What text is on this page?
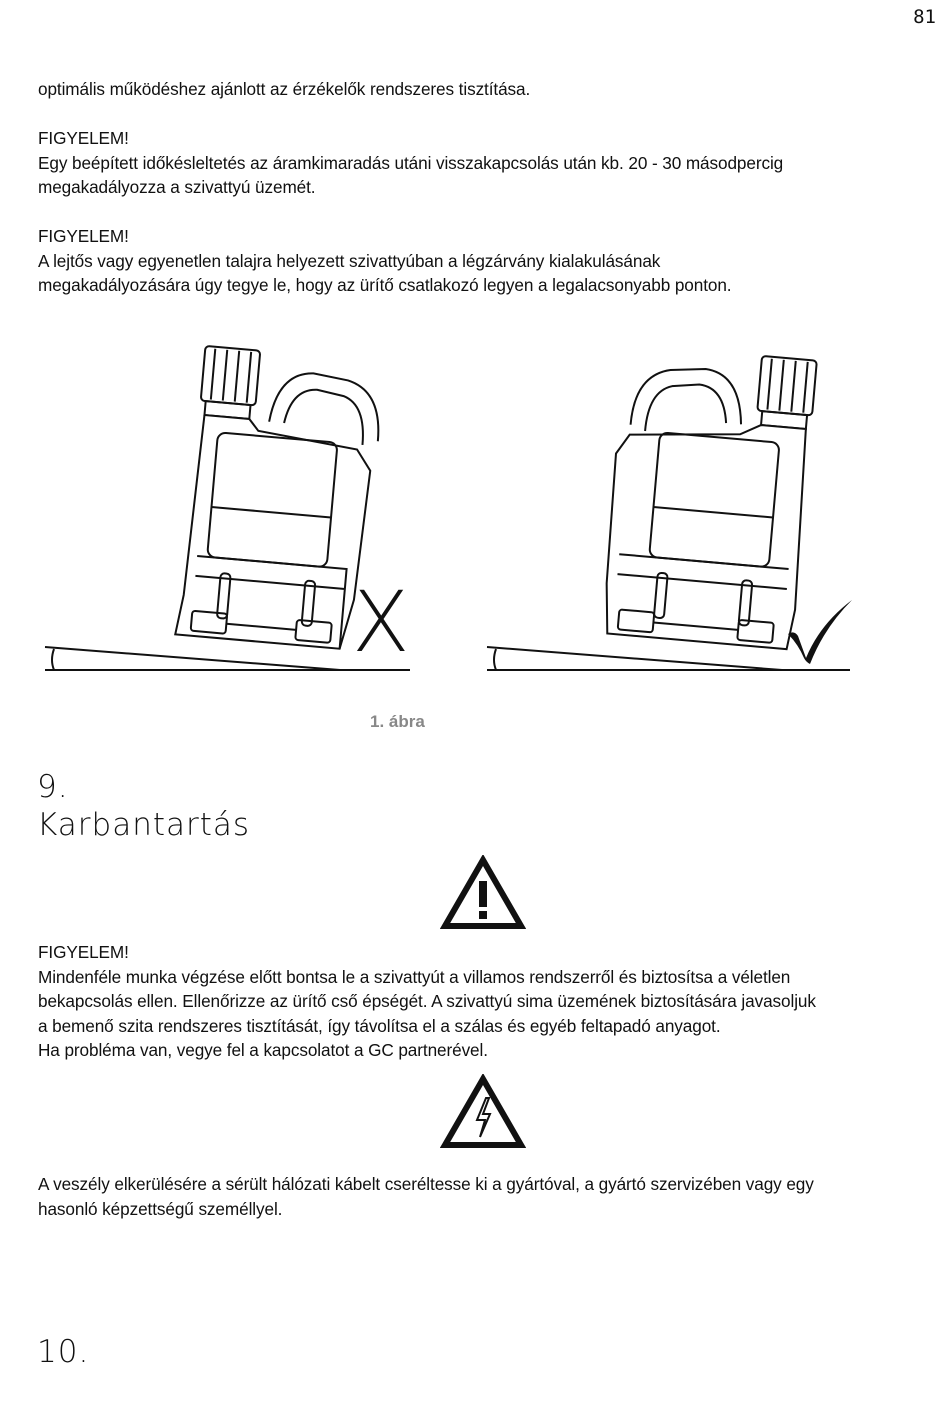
81
optimális működéshez ajánlott az érzékelők rendszeres tisztítása.
FIGYELEM!
Egy beépített időkésleltetés az áramkimaradás utáni visszakapcsolás után kb. 20 - 30 másodpercig
megakadályozza a szivattyú üzemét.
FIGYELEM!
A lejtős vagy egyenetlen talajra helyezett szivattyúban a légzárvány kialakulásának
megakadályozására úgy tegye le, hogy az ürítő csatlakozó legyen a legalacsonyabb ponton.
X
1. ábra
9.
Karbantartás
FIGYELEM!
Mindenféle munka végzése előtt bontsa le a szivattyút a villamos rendszerről és biztosítsa a véletlen
bekapcsolás ellen. Ellenőrizze az ürítő cső épségét. A szivattyú sima üzemének biztosítására javasoljuk
a bemenő szita rendszeres tisztítását, így távolítsa el a szálas és egyéb feltapadó anyagot.
Ha probléma van, vegye fel a kapcsolatot a GC partnerével.
A veszély elkerülésére a sérült hálózati kábelt cseréltesse ki a gyártóval, a gyártó szervizében vagy egy
hasonló képzettségű személlyel.
10.
